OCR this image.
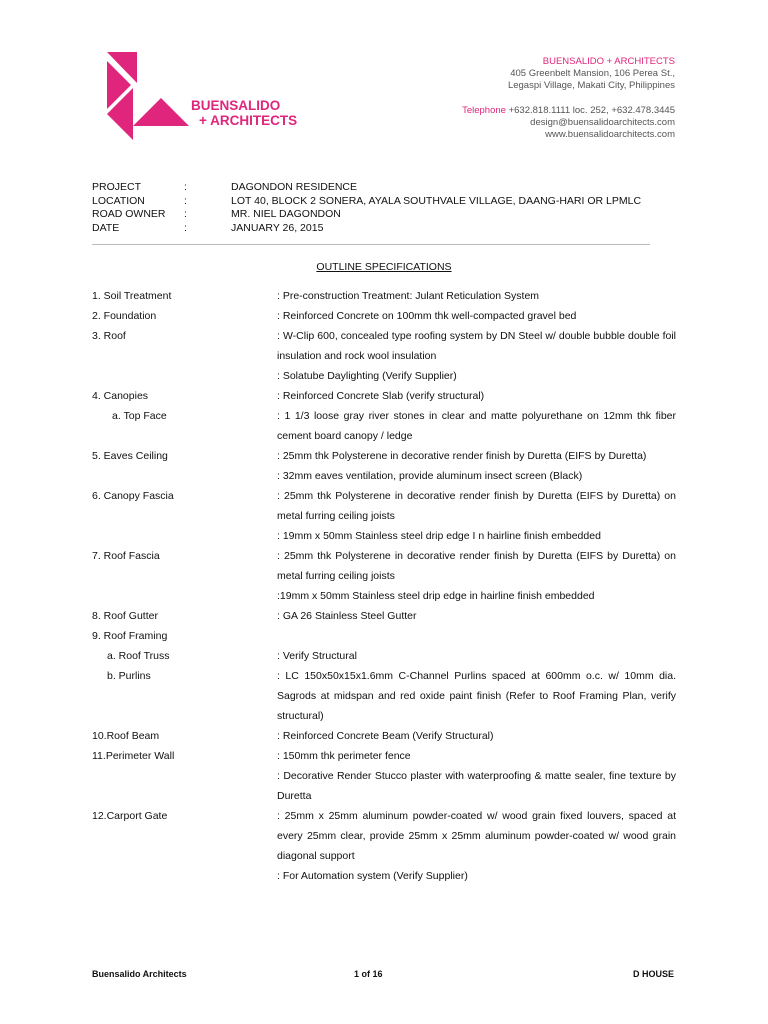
BUENSALIDO
+ ARCHITECTS
BUENSALIDO + ARCHITECTS
405 Greenbelt Mansion, 106 Perea St.,
Legaspi Village, Makati City, Philippines
Telephone +632.818.1111 loc. 252, +632.478.3445
design@buensalidoarchitects.com
www.buensalidoarchitects.com
PROJECT	:	DAGONDON RESIDENCE
LOCATION	:	LOT 40, BLOCK 2 SONERA, AYALA SOUTHVALE VILLAGE, DAANG-HARI OR LPMLC
ROAD OWNER	:	MR. NIEL DAGONDON
DATE	:	JANUARY 26, 2015
OUTLINE SPECIFICATIONS
1. Soil Treatment	: Pre-construction Treatment: Julant Reticulation System
2. Foundation	: Reinforced Concrete on 100mm thk well-compacted gravel bed
3. Roof	: W-Clip 600, concealed type roofing system by DN Steel w/ double bubble double foil insulation and rock wool insulation
: Solatube Daylighting (Verify Supplier)
4. Canopies	: Reinforced Concrete Slab (verify structural)
a. Top Face	: 1 1/3 loose gray river stones in clear and matte polyurethane on 12mm thk fiber cement board canopy / ledge
5. Eaves Ceiling	: 25mm thk Polysterene in decorative render finish by Duretta (EIFS by Duretta)
: 32mm eaves ventilation, provide aluminum insect screen (Black)
6. Canopy Fascia	: 25mm thk Polysterene in decorative render finish by Duretta (EIFS by Duretta) on metal furring ceiling joists
: 19mm x 50mm Stainless steel drip edge I n hairline finish embedded
7. Roof Fascia	: 25mm thk Polysterene in decorative render finish by Duretta (EIFS by Duretta) on metal furring ceiling joists
:19mm x 50mm Stainless steel drip edge in hairline finish embedded
8. Roof Gutter	: GA 26 Stainless Steel Gutter
9. Roof Framing
a. Roof Truss	: Verify Structural
b. Purlins	: LC 150x50x15x1.6mm C-Channel Purlins spaced at 600mm o.c. w/ 10mm dia. Sagrods at midspan and red oxide paint finish (Refer to Roof Framing Plan, verify structural)
10.Roof Beam	: Reinforced Concrete Beam (Verify Structural)
11.Perimeter Wall	: 150mm thk perimeter fence
: Decorative Render Stucco plaster with waterproofing & matte sealer, fine texture by Duretta
12.Carport Gate	: 25mm x 25mm aluminum powder-coated w/ wood grain fixed louvers, spaced at every 25mm clear, provide 25mm x 25mm aluminum powder-coated w/ wood grain diagonal support
: For Automation system (Verify Supplier)
Buensalido Architects	1 of 16	D HOUSE
